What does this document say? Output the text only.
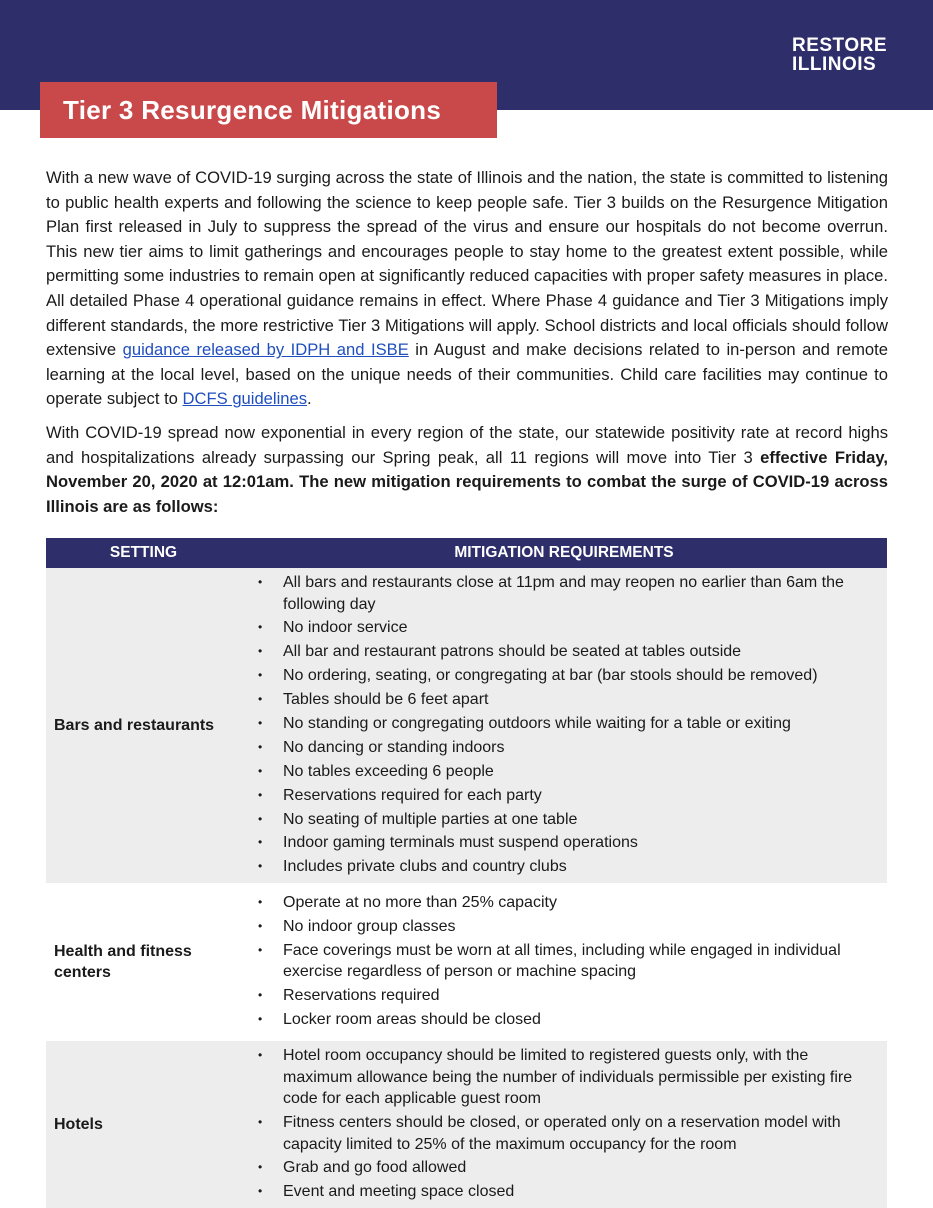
RESTORE
ILLINOIS
Tier 3 Resurgence Mitigations

With a new wave of COVID-19 surging across the state of Illinois and the nation, the state is committed to listening to public health experts and following the science to keep people safe. Tier 3 builds on the Resurgence Mitigation Plan first released in July to suppress the spread of the virus and ensure our hospitals do not become overrun. This new tier aims to limit gatherings and encourages people to stay home to the greatest extent possible, while permitting some industries to remain open at significantly reduced capacities with proper safety measures in place. All detailed Phase 4 operational guidance remains in effect. Where Phase 4 guidance and Tier 3 Mitigations imply different standards, the more restrictive Tier 3 Mitigations will apply. School districts and local officials should follow extensive guidance released by IDPH and ISBE in August and make decisions related to in-person and remote learning at the local level, based on the unique needs of their communities. Child care facilities may continue to operate subject to DCFS guidelines.

With COVID-19 spread now exponential in every region of the state, our statewide positivity rate at record highs and hospitalizations already surpassing our Spring peak, all 11 regions will move into Tier 3 effective Friday, November 20, 2020 at 12:01am. The new mitigation requirements to combat the surge of COVID-19 across Illinois are as follows:

SETTING	MITIGATION REQUIREMENTS
Bars and restaurants
• All bars and restaurants close at 11pm and may reopen no earlier than 6am the following day
• No indoor service
• All bar and restaurant patrons should be seated at tables outside
• No ordering, seating, or congregating at bar (bar stools should be removed)
• Tables should be 6 feet apart
• No standing or congregating outdoors while waiting for a table or exiting
• No dancing or standing indoors
• No tables exceeding 6 people
• Reservations required for each party
• No seating of multiple parties at one table
• Indoor gaming terminals must suspend operations
• Includes private clubs and country clubs
Health and fitness centers
• Operate at no more than 25% capacity
• No indoor group classes
• Face coverings must be worn at all times, including while engaged in individual exercise regardless of person or machine spacing
• Reservations required
• Locker room areas should be closed
Hotels
• Hotel room occupancy should be limited to registered guests only, with the maximum allowance being the number of individuals permissible per existing fire code for each applicable guest room
• Fitness centers should be closed, or operated only on a reservation model with capacity limited to 25% of the maximum occupancy for the room
• Grab and go food allowed
• Event and meeting space closed
